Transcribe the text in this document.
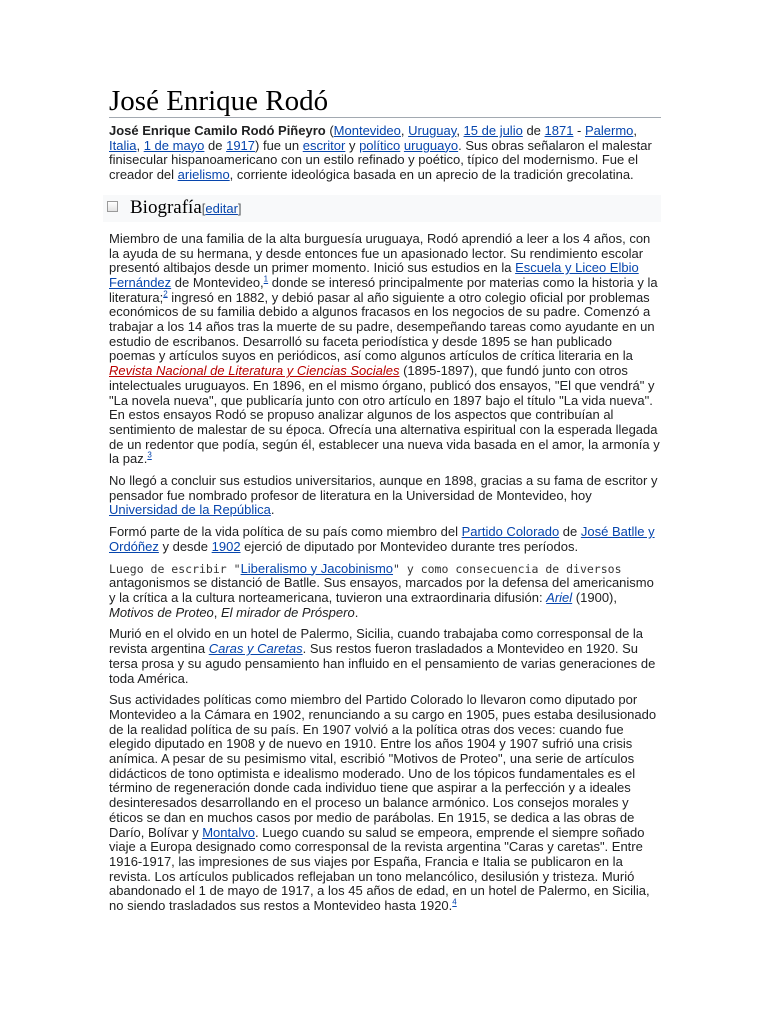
José Enrique Rodó

José Enrique Camilo Rodó Piñeyro (Montevideo, Uruguay, 15 de julio de 1871 - Palermo, Italia, 1 de mayo de 1917) fue un escritor y político uruguayo. Sus obras señalaron el malestar finisecular hispanoamericano con un estilo refinado y poético, típico del modernismo. Fue el creador del arielismo, corriente ideológica basada en un aprecio de la tradición grecolatina.

Biografía[editar]

Miembro de una familia de la alta burguesía uruguaya, Rodó aprendió a leer a los 4 años, con la ayuda de su hermana, y desde entonces fue un apasionado lector. Su rendimiento escolar presentó altibajos desde un primer momento. Inició sus estudios en la Escuela y Liceo Elbio Fernández de Montevideo,$^1$ donde se interesó principalmente por materias como la historia y la literatura;$^2$ ingresó en 1882, y debió pasar al año siguiente a otro colegio oficial por problemas económicos de su familia debido a algunos fracasos en los negocios de su padre. Comenzó a trabajar a los 14 años tras la muerte de su padre, desempeñando tareas como ayudante en un estudio de escribanos. Desarrolló su faceta periodística y desde 1895 se han publicado poemas y artículos suyos en periódicos, así como algunos artículos de crítica literaria en la Revista Nacional de Literatura y Ciencias Sociales (1895-1897), que fundó junto con otros intelectuales uruguayos. En 1896, en el mismo órgano, publicó dos ensayos, "El que vendrá" y "La novela nueva", que publicaría junto con otro artículo en 1897 bajo el título "La vida nueva". En estos ensayos Rodó se propuso analizar algunos de los aspectos que contribuían al sentimiento de malestar de su época. Ofrecía una alternativa espiritual con la esperada llegada de un redentor que podía, según él, establecer una nueva vida basada en el amor, la armonía y la paz.$^3$

No llegó a concluir sus estudios universitarios, aunque en 1898, gracias a su fama de escritor y pensador fue nombrado profesor de literatura en la Universidad de Montevideo, hoy Universidad de la República.

Formó parte de la vida política de su país como miembro del Partido Colorado de José Batlle y Ordóñez y desde 1902 ejerció de diputado por Montevideo durante tres períodos.

Luego de escribir "Liberalismo y Jacobinismo" y como consecuencia de diversos antagonismos se distanció de Batlle. Sus ensayos, marcados por la defensa del americanismo y la crítica a la cultura norteamericana, tuvieron una extraordinaria difusión: Ariel (1900), Motivos de Proteo, El mirador de Próspero.

Murió en el olvido en un hotel de Palermo, Sicilia, cuando trabajaba como corresponsal de la revista argentina Caras y Caretas. Sus restos fueron trasladados a Montevideo en 1920. Su tersa prosa y su agudo pensamiento han influido en el pensamiento de varias generaciones de toda América.

Sus actividades políticas como miembro del Partido Colorado lo llevaron como diputado por Montevideo a la Cámara en 1902, renunciando a su cargo en 1905, pues estaba desilusionado de la realidad política de su país. En 1907 volvió a la política otras dos veces: cuando fue elegido diputado en 1908 y de nuevo en 1910. Entre los años 1904 y 1907 sufrió una crisis anímica. A pesar de su pesimismo vital, escribió "Motivos de Proteo", una serie de artículos didácticos de tono optimista e idealismo moderado. Uno de los tópicos fundamentales es el término de regeneración donde cada individuo tiene que aspirar a la perfección y a ideales desinteresados desarrollando en el proceso un balance armónico. Los consejos morales y éticos se dan en muchos casos por medio de parábolas. En 1915, se dedica a las obras de Darío, Bolívar y Montalvo. Luego cuando su salud se empeora, emprende el siempre soñado viaje a Europa designado como corresponsal de la revista argentina "Caras y caretas". Entre 1916-1917, las impresiones de sus viajes por España, Francia e Italia se publicaron en la revista. Los artículos publicados reflejaban un tono melancólico, desilusión y tristeza. Murió abandonado el 1 de mayo de 1917, a los 45 años de edad, en un hotel de Palermo, en Sicilia, no siendo trasladados sus restos a Montevideo hasta 1920.$^4$
